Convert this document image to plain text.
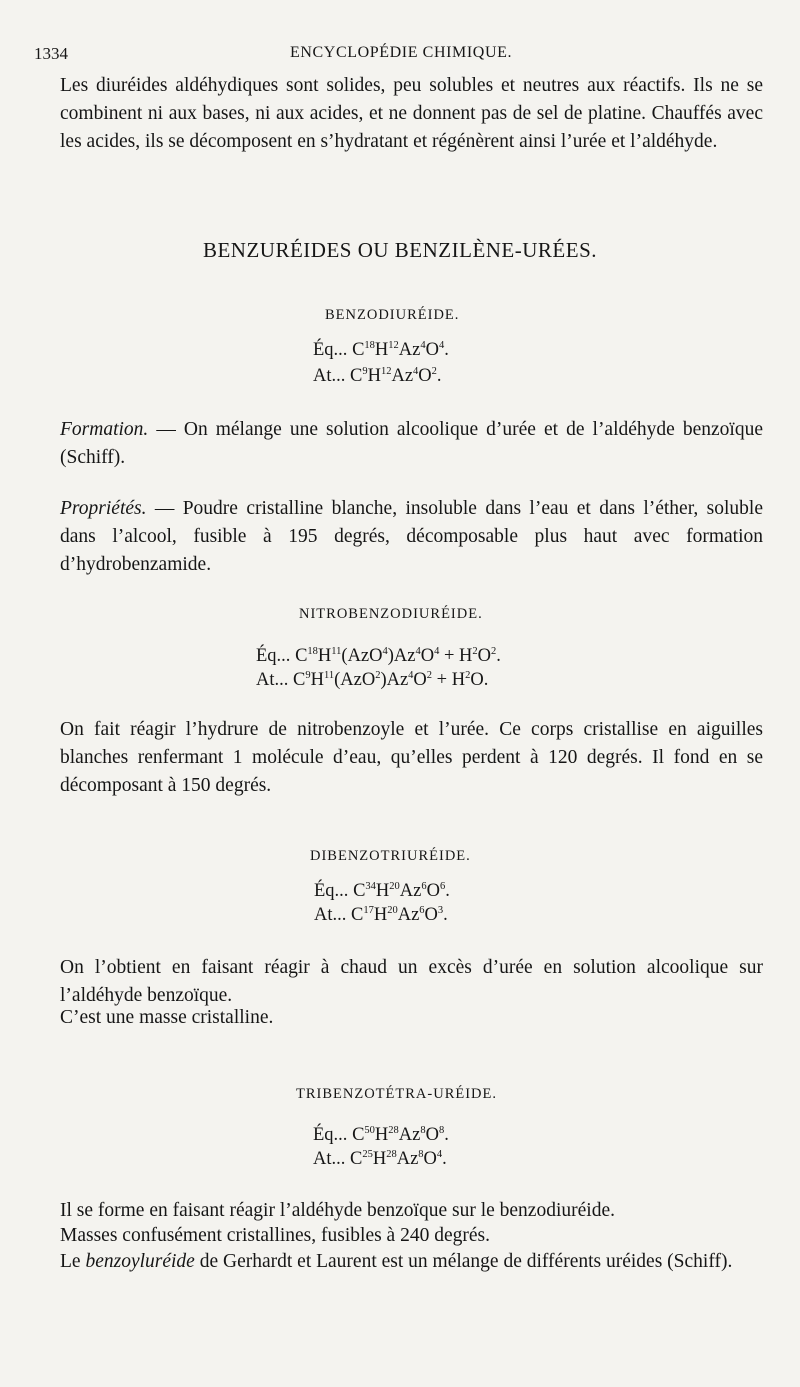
1334	ENCYCLOPÉDIE CHIMIQUE.
Les diuréides aldéhydiques sont solides, peu solubles et neutres aux réactifs. Ils ne se combinent ni aux bases, ni aux acides, et ne donnent pas de sel de platine. Chauffés avec les acides, ils se décomposent en s’hydratant et régénèrent ainsi l’urée et l’aldéhyde.
BENZURÉIDES OU BENZILÈNE-URÉES.
BENZODIURÉIDE.
Éq... $C^{18}H^{12}Az^4O^4$.
At... $C^9H^{12}Az^4O^2$.
Formation. — On mélange une solution alcoolique d’urée et de l’aldéhyde benzoïque (Schiff).
Propriétés. — Poudre cristalline blanche, insoluble dans l’eau et dans l’éther, soluble dans l’alcool, fusible à 195 degrés, décomposable plus haut avec formation d’hydrobenzamide.
NITROBENZODIURÉIDE.
Éq... $C^{18}H^{11}(AzO^4)Az^4O^4 + H^2O^2$.
At... $C^9H^{11}(AzO^2)Az^4O^2 + H^2O$.
On fait réagir l’hydrure de nitrobenzoyle et l’urée. Ce corps cristallise en aiguilles blanches renfermant 1 molécule d’eau, qu’elles perdent à 120 degrés. Il fond en se décomposant à 150 degrés.
DIBENZOTRIURÉIDE.
Éq... $C^{34}H^{20}Az^6O^6$.
At... $C^{17}H^{20}Az^6O^3$.
On l’obtient en faisant réagir à chaud un excès d’urée en solution alcoolique sur l’aldéhyde benzoïque.
C’est une masse cristalline.
TRIBENZOTÉTRA-URÉIDE.
Éq... $C^{50}H^{28}Az^8O^8$.
At... $C^{25}H^{28}Az^8O^4$.
Il se forme en faisant réagir l’aldéhyde benzoïque sur le benzodiuréide.
Masses confusément cristallines, fusibles à 240 degrés.
Le benzoyluréide de Gerhardt et Laurent est un mélange de différents uréides (Schiff).
